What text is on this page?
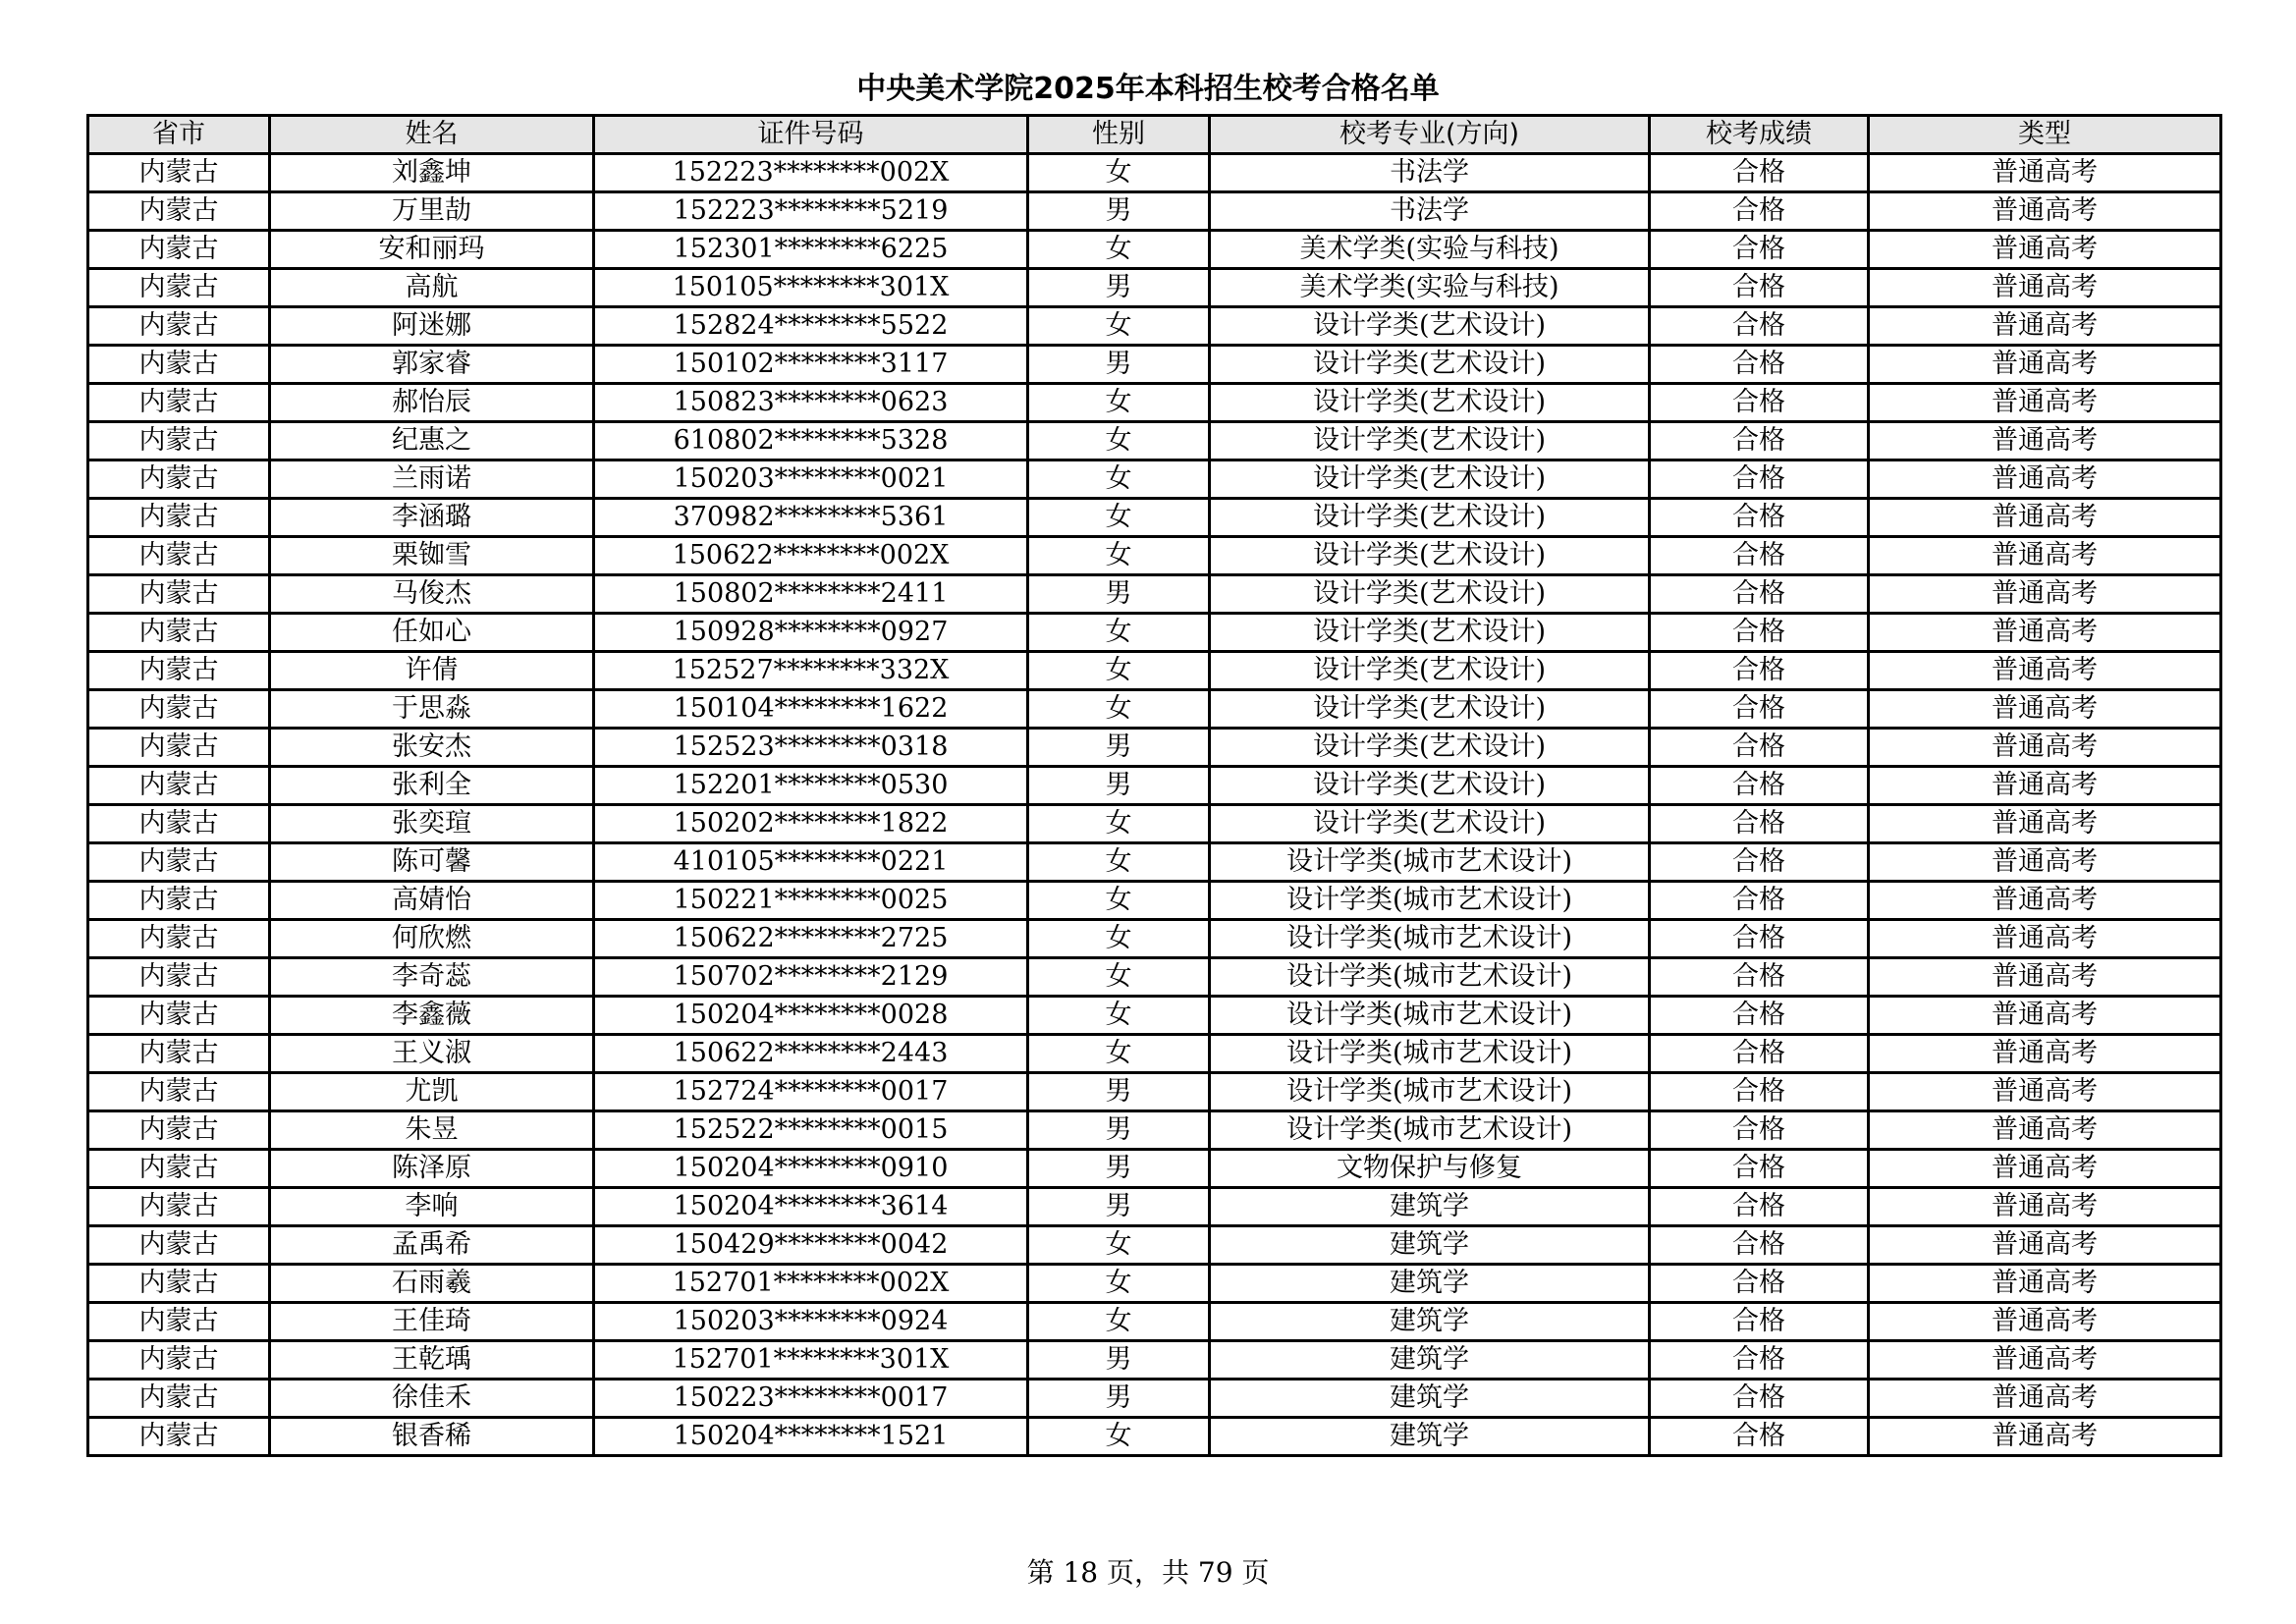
中央美术学院2025年本科招生校考合格名单
省市	姓名	证件号码	性别	校考专业(方向)	校考成绩	类型
内蒙古	刘鑫坤	152223********002X	女	书法学	合格	普通高考
内蒙古	万里劼	152223********5219	男	书法学	合格	普通高考
内蒙古	安和丽玛	152301********6225	女	美术学类(实验与科技)	合格	普通高考
内蒙古	高航	150105********301X	男	美术学类(实验与科技)	合格	普通高考
内蒙古	阿迷娜	152824********5522	女	设计学类(艺术设计)	合格	普通高考
内蒙古	郭家睿	150102********3117	男	设计学类(艺术设计)	合格	普通高考
内蒙古	郝怡辰	150823********0623	女	设计学类(艺术设计)	合格	普通高考
内蒙古	纪惠之	610802********5328	女	设计学类(艺术设计)	合格	普通高考
内蒙古	兰雨诺	150203********0021	女	设计学类(艺术设计)	合格	普通高考
内蒙古	李涵璐	370982********5361	女	设计学类(艺术设计)	合格	普通高考
内蒙古	栗铷雪	150622********002X	女	设计学类(艺术设计)	合格	普通高考
内蒙古	马俊杰	150802********2411	男	设计学类(艺术设计)	合格	普通高考
内蒙古	任如心	150928********0927	女	设计学类(艺术设计)	合格	普通高考
内蒙古	许倩	152527********332X	女	设计学类(艺术设计)	合格	普通高考
内蒙古	于思淼	150104********1622	女	设计学类(艺术设计)	合格	普通高考
内蒙古	张安杰	152523********0318	男	设计学类(艺术设计)	合格	普通高考
内蒙古	张利全	152201********0530	男	设计学类(艺术设计)	合格	普通高考
内蒙古	张奕瑄	150202********1822	女	设计学类(艺术设计)	合格	普通高考
内蒙古	陈可馨	410105********0221	女	设计学类(城市艺术设计)	合格	普通高考
内蒙古	高婧怡	150221********0025	女	设计学类(城市艺术设计)	合格	普通高考
内蒙古	何欣燃	150622********2725	女	设计学类(城市艺术设计)	合格	普通高考
内蒙古	李奇蕊	150702********2129	女	设计学类(城市艺术设计)	合格	普通高考
内蒙古	李鑫薇	150204********0028	女	设计学类(城市艺术设计)	合格	普通高考
内蒙古	王义淑	150622********2443	女	设计学类(城市艺术设计)	合格	普通高考
内蒙古	尤凯	152724********0017	男	设计学类(城市艺术设计)	合格	普通高考
内蒙古	朱昱	152522********0015	男	设计学类(城市艺术设计)	合格	普通高考
内蒙古	陈泽原	150204********0910	男	文物保护与修复	合格	普通高考
内蒙古	李响	150204********3614	男	建筑学	合格	普通高考
内蒙古	孟禹希	150429********0042	女	建筑学	合格	普通高考
内蒙古	石雨羲	152701********002X	女	建筑学	合格	普通高考
内蒙古	王佳琦	150203********0924	女	建筑学	合格	普通高考
内蒙古	王乾瑀	152701********301X	男	建筑学	合格	普通高考
内蒙古	徐佳禾	150223********0017	男	建筑学	合格	普通高考
内蒙古	银香稀	150204********1521	女	建筑学	合格	普通高考
第 18 页，共 79 页
